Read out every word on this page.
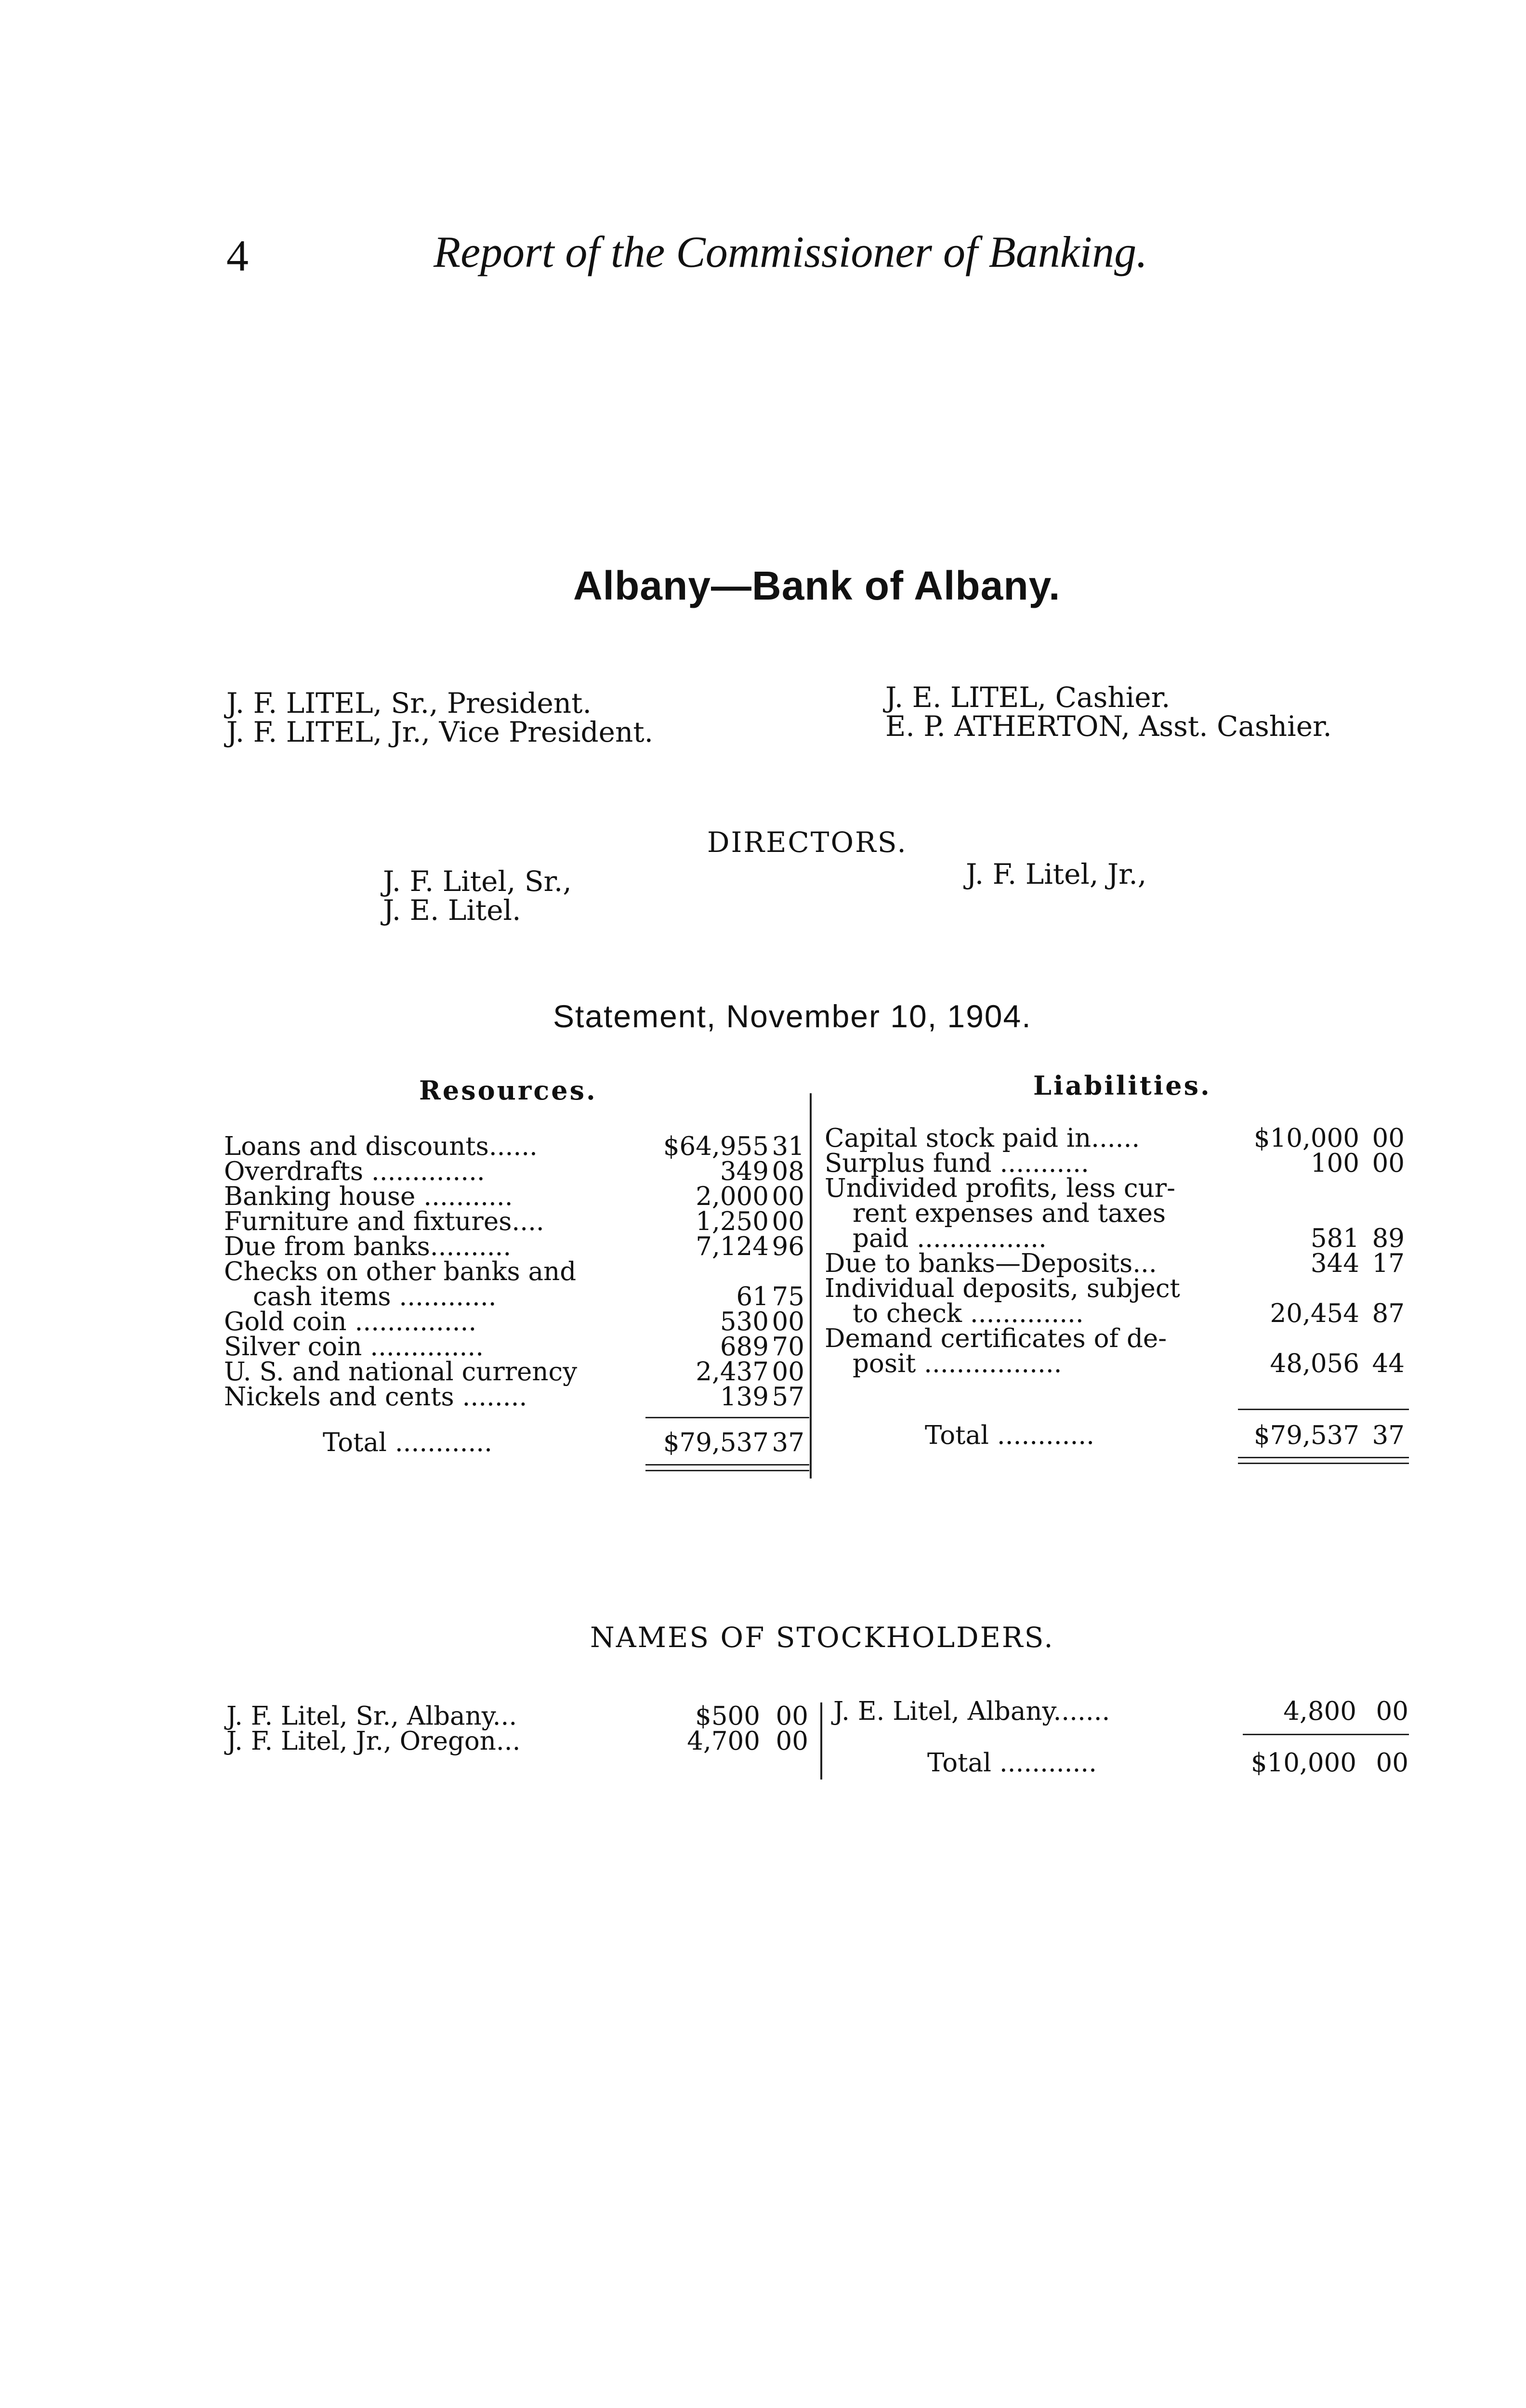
4	Report of the Commissioner of Banking.
Albany—Bank of Albany.
J. F. LITEL, Sr., President.
J. F. LITEL, Jr., Vice President.
J. E. LITEL, Cashier.
E. P. ATHERTON, Asst. Cashier.
DIRECTORS.
J. F. Litel, Sr.,
J. E. Litel.
J. F. Litel, Jr.,
Statement, November 10, 1904.
Resources.	Liabilities.
Loans and discounts......	$64,955 31
Overdrafts ..............	349 08
Banking house ...........	2,000 00
Furniture and fixtures....	1,250 00
Due from banks..........	7,124 96
Checks on other banks and
cash items ............	61 75
Gold coin ...............	530 00
Silver coin ..............	689 70
U. S. and national currency	2,437 00
Nickels and cents ........	139 57
Total ............	$79,537 37
Capital stock paid in......	$10,000 00
Surplus fund ...........	100 00
Undivided profits, less cur-
rent expenses and taxes
paid ................	581 89
Due to banks—Deposits...	344 17
Individual deposits, subject
to check ..............	20,454 87
Demand certificates of de-
posit .................	48,056 44
Total ............	$79,537 37
NAMES OF STOCKHOLDERS.
J. F. Litel, Sr., Albany...	$500 00
J. F. Litel, Jr., Oregon...	4,700 00
J. E. Litel, Albany.......	4,800 00
Total ............	$10,000 00
